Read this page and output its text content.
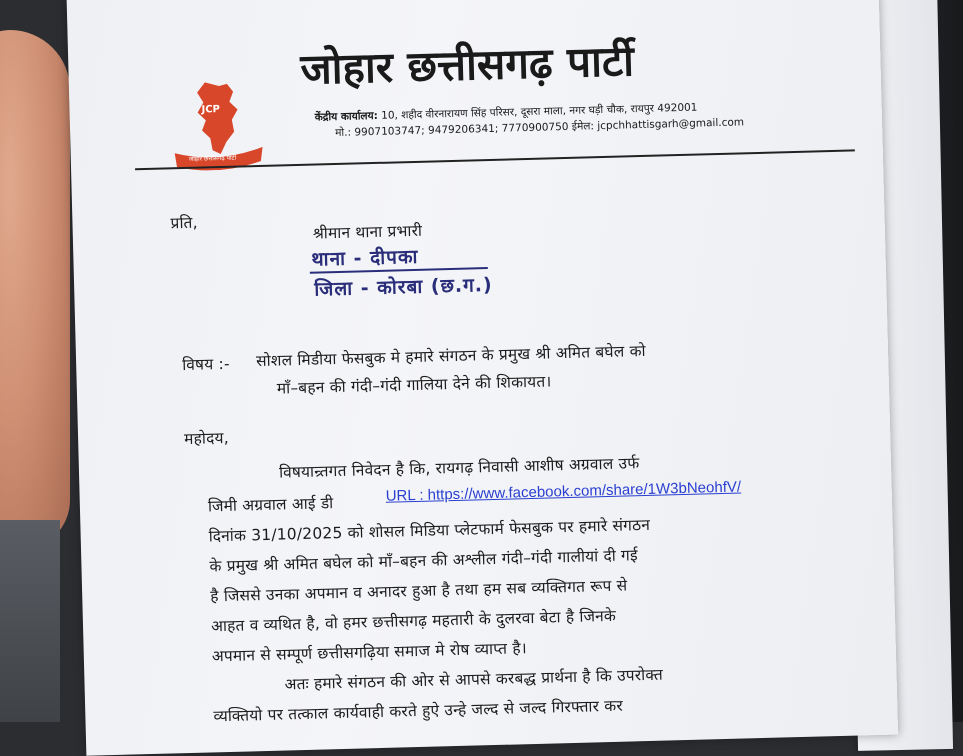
JCP
जोहार छत्तीसगढ़ पार्टी
जोहार छत्तीसगढ़ पार्टी
केंद्रीय कार्यालय: 10, शहीद वीरनारायण सिंह परिसर, दूसरा माला, नगर घड़ी चौक, रायपुर 492001
मो.: 9907103747; 9479206341; 7770900750 ईमेल: jcpchhattisgarh@gmail.com
प्रति,	श्रीमान थाना प्रभारी
थाना - दीपका
जिला - कोरबा (छ.ग.)
विषय :- सोशल मिडीया फेसबुक मे हमारे संगठन के प्रमुख श्री अमित बघेल को
माँ–बहन की गंदी–गंदी गालिया देने की शिकायत।
महोदय,
विषयान्र्तगत निवेदन है कि, रायगढ़ निवासी आशीष अग्रवाल उर्फ
जिमी अग्रवाल आई डी
URL : https://www.facebook.com/share/1W3bNeohfV/
दिनांक 31/10/2025 को शोसल मिडिया प्लेटफार्म फेसबुक पर हमारे संगठन
के प्रमुख श्री अमित बघेल को माँ–बहन की अश्लील गंदी–गंदी गालीयां दी गई
है जिससे उनका अपमान व अनादर हुआ है तथा हम सब व्यक्तिगत रूप से
आहत व व्यथित है, वो हमर छत्तीसगढ़ महतारी के दुलरवा बेटा है जिनके
अपमान से सम्पूर्ण छत्तीसगढ़िया समाज मे रोष व्याप्त है।
अतः हमारे संगठन की ओर से आपसे करबद्ध प्रार्थना है कि उपरोक्त
व्यक्तियो पर तत्काल कार्यवाही करते हुऐ उन्हे जल्द से जल्द गिरफ्तार कर
